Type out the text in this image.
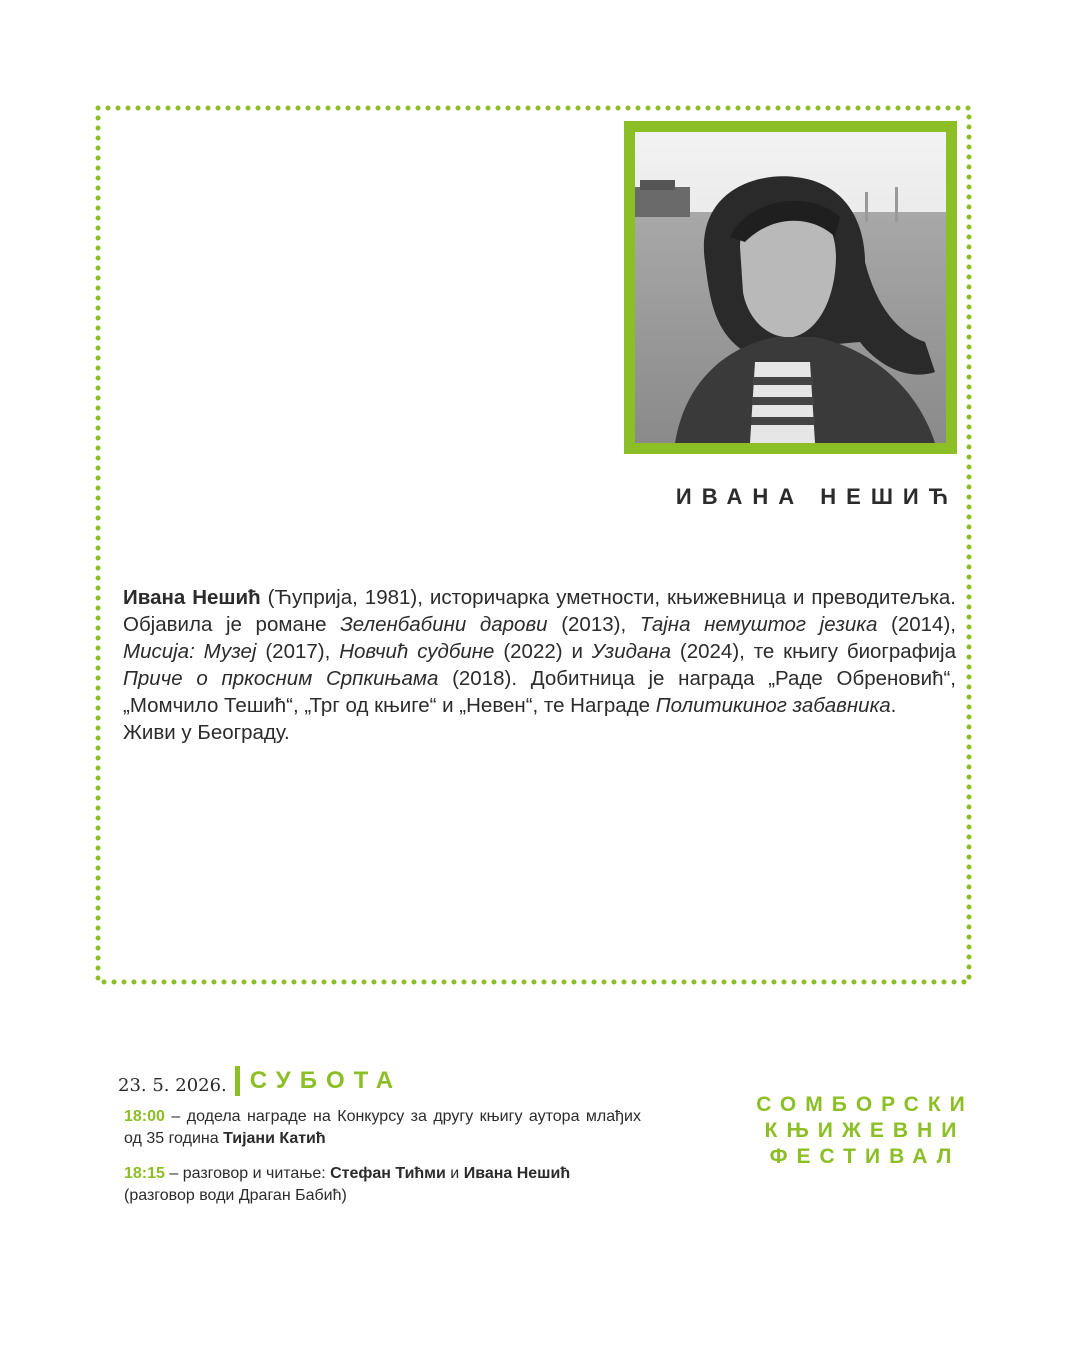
ИВАНА НЕШИЋ
Ивана Нешић (Ћуприја, 1981), историчарка уметности, књижевница и преводитељка. Објавила је романе Зеленбабини дарови (2013), Тајна немуштог језика (2014), Мисија: Музеј (2017), Новчић судбине (2022) и Узидана (2024), те књигу биографија Приче о пркосним Српкињама (2018). Добитница је награда „Раде Обреновић“, „Момчило Тешић“, „Трг од књиге“ и „Невен“, те Награде Политикиног забавника.
Живи у Београду.
23. 5. 2026. СУБОТА
18:00 – додела награде на Конкурсу за другу књигу аутора млађих од 35 година Тијани Катић
18:15 – разговор и читање: Стефан Тићми и Ивана Нешић
(разговор води Драган Бабић)
СОМБОРСКИ
КЊИЖЕВНИ
ФЕСТИВАЛ
